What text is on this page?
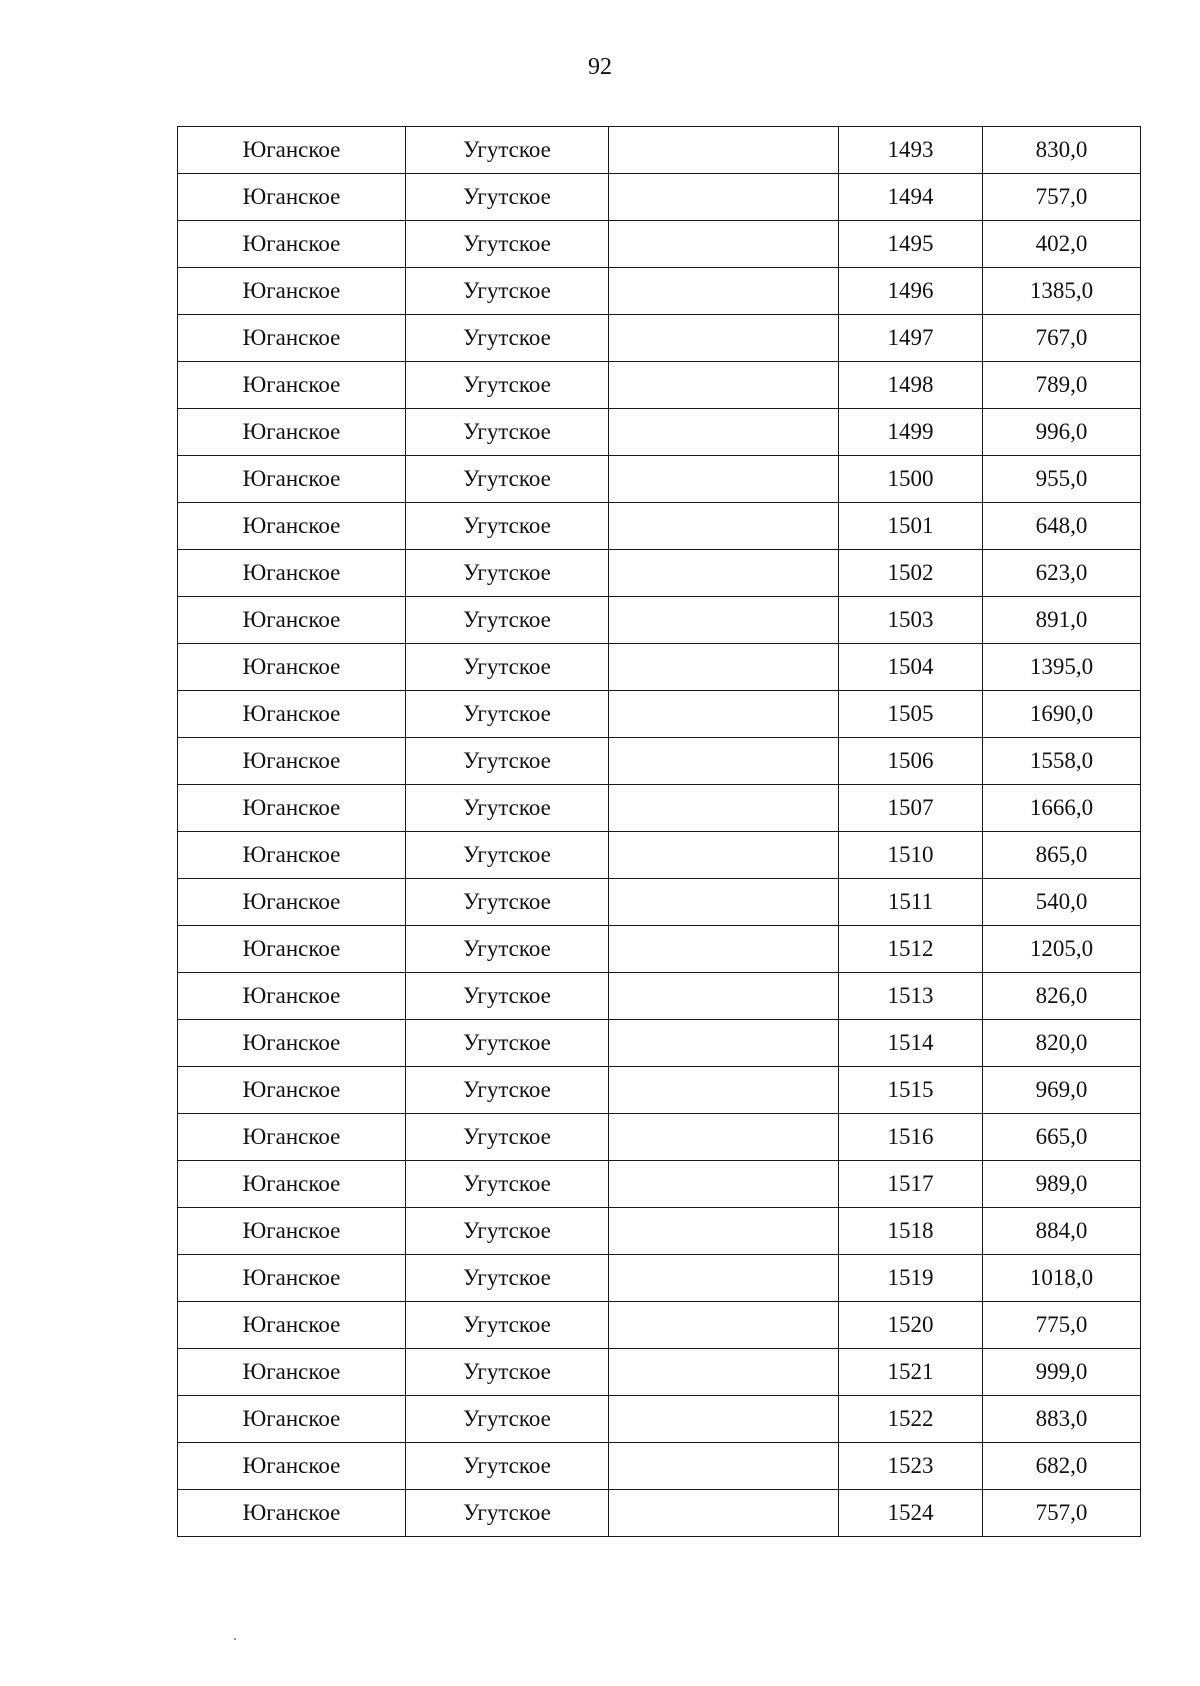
92
Юганское	Угутское		1493	830,0
Юганское	Угутское		1494	757,0
Юганское	Угутское		1495	402,0
Юганское	Угутское		1496	1385,0
Юганское	Угутское		1497	767,0
Юганское	Угутское		1498	789,0
Юганское	Угутское		1499	996,0
Юганское	Угутское		1500	955,0
Юганское	Угутское		1501	648,0
Юганское	Угутское		1502	623,0
Юганское	Угутское		1503	891,0
Юганское	Угутское		1504	1395,0
Юганское	Угутское		1505	1690,0
Юганское	Угутское		1506	1558,0
Юганское	Угутское		1507	1666,0
Юганское	Угутское		1510	865,0
Юганское	Угутское		1511	540,0
Юганское	Угутское		1512	1205,0
Юганское	Угутское		1513	826,0
Юганское	Угутское		1514	820,0
Юганское	Угутское		1515	969,0
Юганское	Угутское		1516	665,0
Юганское	Угутское		1517	989,0
Юганское	Угутское		1518	884,0
Юганское	Угутское		1519	1018,0
Юганское	Угутское		1520	775,0
Юганское	Угутское		1521	999,0
Юганское	Угутское		1522	883,0
Юганское	Угутское		1523	682,0
Юганское	Угутское		1524	757,0
